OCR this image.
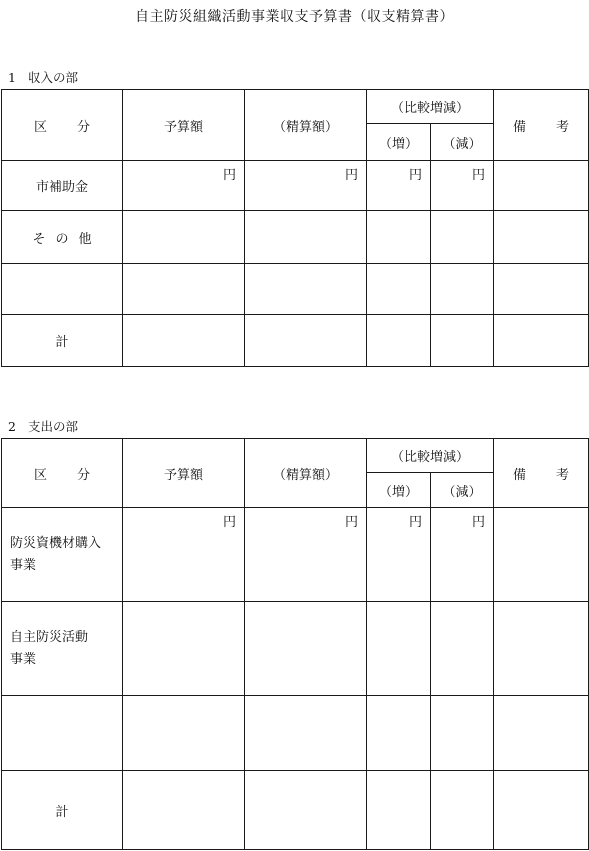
自主防災組織活動事業収支予算書（収支精算書）
1 収入の部
区 分	予算額	（精算額）	（比較増減）		備 考
			（増）	（減）	
市補助金	円	円	円	円	
そ の 他					

計					
2 支出の部
区 分	予算額	（精算額）	（比較増減）		備 考
			（増）	（減）	

防災資機材購入
事業	円	円	円	円	

自主防災活動
事業					

計					
